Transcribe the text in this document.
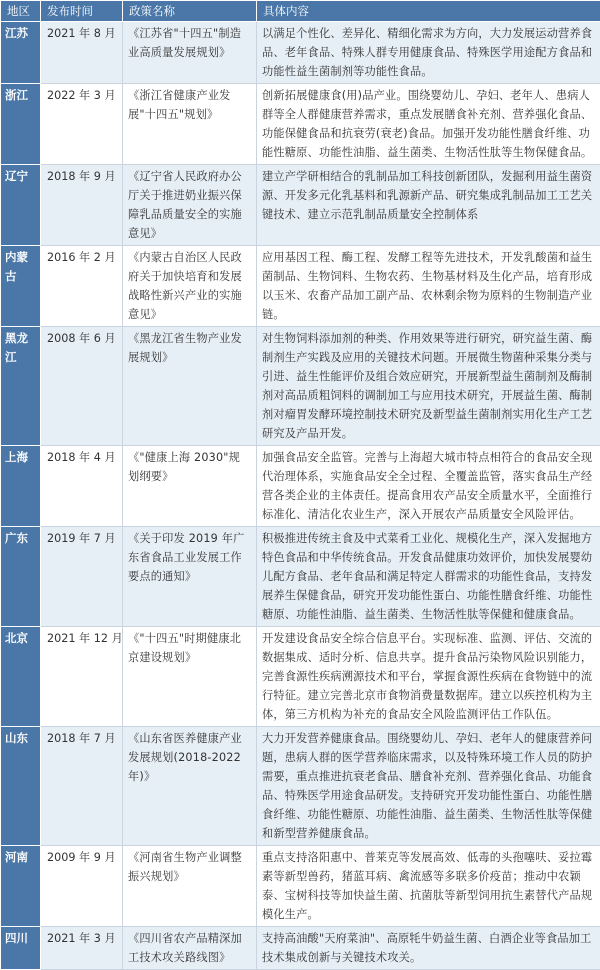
地区	发布时间	政策名称	具体内容
江苏	2021 年 8 月	《江苏省"十四五"制造业高质量发展规划》	以满足个性化、差异化、精细化需求为方向，大力发展运动营养食品、老年食品、特殊人群专用健康食品、特殊医学用途配方食品和功能性益生菌制剂等功能性食品。
浙江	2022 年 3 月	《浙江省健康产业发展"十四五"规划》	创新拓展健康食(用)品产业。围绕婴幼儿、孕妇、老年人、患病人群等全人群健康营养需求，重点发展膳食补充剂、营养强化食品、功能保健食品和抗衰劳(衰老)食品。加强开发功能性膳食纤维、功能性糖原、功能性油脂、益生菌类、生物活性肽等生物保健食品。
辽宁	2018 年 9 月	《辽宁省人民政府办公厅关于推进奶业振兴保障乳品质量安全的实施意见》	建立产学研相结合的乳制品加工科技创新团队，发掘利用益生菌资源、开发多元化乳基料和乳源新产品、研究集成乳制品加工工艺关键技术、建立示范乳制品质量安全控制体系
内蒙古	2016 年 2 月	《内蒙古自治区人民政府关于加快培育和发展战略性新兴产业的实施意见》	应用基因工程、酶工程、发酵工程等先进技术，开发乳酸菌和益生菌制品、生物饲料、生物农药、生物基材料及生化产品，培育形成以玉米、农畜产品加工副产品、农林剩余物为原料的生物制造产业链。
黑龙江	2008 年 6 月	《黑龙江省生物产业发展规划》	对生物饲料添加剂的种类、作用效果等进行研究，研究益生菌、酶制剂生产实践及应用的关键技术问题。开展微生物菌种采集分类与引进、益生性能评价及组合效应研究，开展新型益生菌制剂及酶制剂对高品质粗饲料的调制加工与应用技术研究，开展益生菌、酶制剂对瘤胃发酵环境控制技术研究及新型益生菌制剂实用化生产工艺研究及产品开发。
上海	2018 年 4 月	《"健康上海 2030"规划纲要》	加强食品安全监管。完善与上海超大城市特点相符合的食品安全现代治理体系，实施食品安全全过程、全覆盖监管，落实食品生产经营各类企业的主体责任。提高食用农产品安全质量水平，全面推行标准化、清洁化农业生产，深入开展农产品质量安全风险评估。
广东	2019 年 7 月	《关于印发 2019 年广东省食品工业发展工作要点的通知》	积极推进传统主食及中式菜肴工业化、规模化生产，深入发掘地方特色食品和中华传统食品。开发食品健康功效评价，加快发展婴幼儿配方食品、老年食品和满足特定人群需求的功能性食品，支持发展养生保健食品，研究开发功能性蛋白、功能性膳食纤维、功能性糖原、功能性油脂、益生菌类、生物活性肽等保健和健康食品。
北京	2021 年 12 月	《"十四五"时期健康北京建设规划》	开发建设食品安全综合信息平台。实现标准、监测、评估、交流的数据集成、适时分析、信息共享。提升食品污染物风险识别能力，完善食源性疾病溯源技术和平台，掌握食源性疾病在食物链中的流行特征。建立完善北京市食物消费量数据库。建立以疾控机构为主体，第三方机构为补充的食品安全风险监测评估工作队伍。
山东	2018 年 7 月	《山东省医养健康产业发展规划(2018-2022 年)》	大力开发营养健康食品。围绕婴幼儿、孕妇、老年人的健康营养问题，患病人群的医学营养临床需求，以及特殊环境工作人员的防护需要，重点推进抗衰老食品、膳食补充剂、营养强化食品、功能食品、特殊医学用途食品研发。支持研究开发功能性蛋白、功能性膳食纤维、功能性糖原、功能性油脂、益生菌类、生物活性肽等保健和新型营养健康食品。
河南	2009 年 9 月	《河南省生物产业调整振兴规划》	重点支持洛阳惠中、普莱克等发展高效、低毒的头孢噻呋、妥拉霉素等新型兽药，猪蓝耳病、禽流感等多联多价疫苗；推动中农颖泰、宝树科技等加快益生菌、抗菌肽等新型饲用抗生素替代产品规模化生产。
四川	2021 年 3 月	《四川省农产品精深加工技术攻关路线图》	支持高油酸"天府菜油"、高原牦牛奶益生菌、白酒企业等食品加工技术集成创新与关键技术攻关。
